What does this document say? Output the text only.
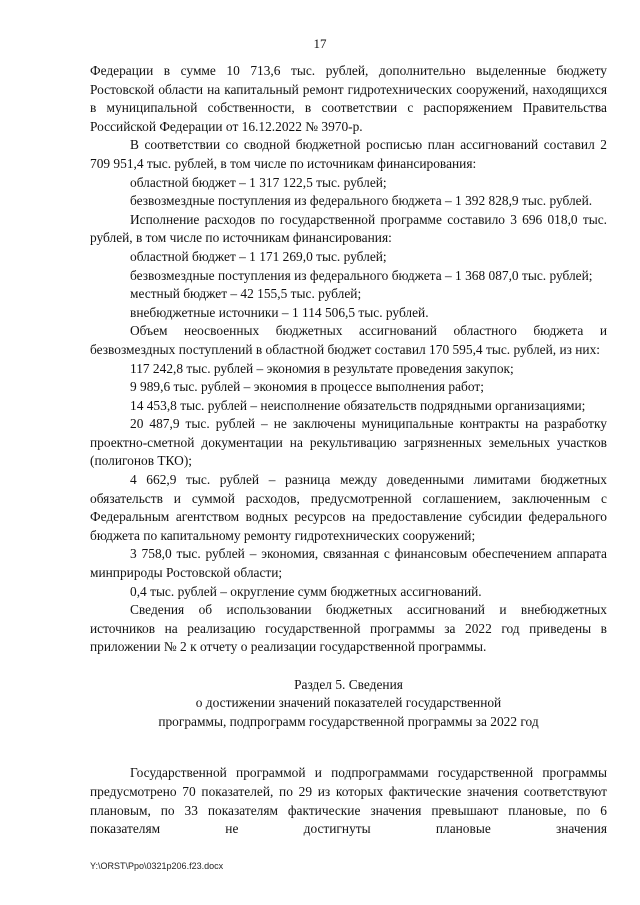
17

Федерации в сумме 10 713,6 тыс. рублей, дополнительно выделенные бюджету Ростовской области на капитальный ремонт гидротехнических сооружений, находящихся в муниципальной собственности, в соответствии с распоряжением Правительства Российской Федерации от 16.12.2022 № 3970-р.

В соответствии со сводной бюджетной росписью план ассигнований составил 2 709 951,4 тыс. рублей, в том числе по источникам финансирования:

областной бюджет – 1 317 122,5 тыс. рублей;

безвозмездные поступления из федерального бюджета – 1 392 828,9 тыс. рублей.

Исполнение расходов по государственной программе составило 3 696 018,0 тыс. рублей, в том числе по источникам финансирования:

областной бюджет – 1 171 269,0 тыс. рублей;

безвозмездные поступления из федерального бюджета – 1 368 087,0 тыс. рублей;

местный бюджет – 42 155,5 тыс. рублей;

внебюджетные источники – 1 114 506,5 тыс. рублей.

Объем неосвоенных бюджетных ассигнований областного бюджета и безвозмездных поступлений в областной бюджет составил 170 595,4 тыс. рублей, из них:

117 242,8 тыс. рублей – экономия в результате проведения закупок;

9 989,6 тыс. рублей – экономия в процессе выполнения работ;

14 453,8 тыс. рублей – неисполнение обязательств подрядными организациями;

20 487,9 тыс. рублей – не заключены муниципальные контракты на разработку проектно-сметной документации на рекультивацию загрязненных земельных участков (полигонов ТКО);

4 662,9 тыс. рублей – разница между доведенными лимитами бюджетных обязательств и суммой расходов, предусмотренной соглашением, заключенным с Федеральным агентством водных ресурсов на предоставление субсидии федерального бюджета по капитальному ремонту гидротехнических сооружений;

3 758,0 тыс. рублей – экономия, связанная с финансовым обеспечением аппарата минприроды Ростовской области;

0,4 тыс. рублей – округление сумм бюджетных ассигнований.

Сведения об использовании бюджетных ассигнований и внебюджетных источников на реализацию государственной программы за 2022 год приведены в приложении № 2 к отчету о реализации государственной программы.

Раздел 5. Сведения
о достижении значений показателей государственной
программы, подпрограмм государственной программы за 2022 год

Государственной программой и подпрограммами государственной программы предусмотрено 70 показателей, по 29 из которых фактические значения соответствуют плановым, по 33 показателям фактические значения превышают плановые, по 6 показателям не достигнуты плановые значения

Y:\ORST\Ppo\0321p206.f23.docx
